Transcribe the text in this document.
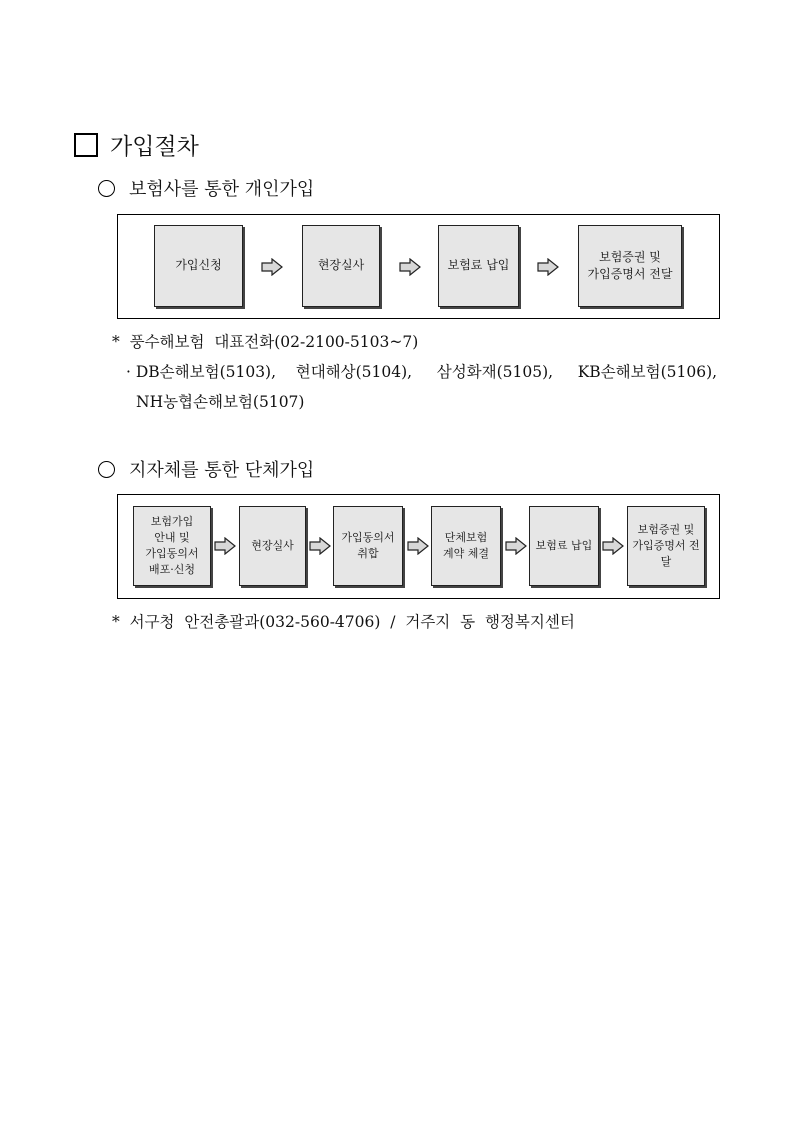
가입절차
보험사를 통한 개인가입
가입신청	현장실사	보험료 납입
보험증권 및
가입증명서 전달
*  풍수해보험  대표전화(02-2100-5103~7)
· DB손해보험(5103),    현대해상(5104),     삼성화재(5105),     KB손해보험(5106),
NH농협손해보험(5107)
지자체를 통한 단체가입
보험가입
안내 및
가입동의서
배포·신청
현장실사
가입동의서
취합
단체보험
계약 체결
보험료 납입
보험증권 및
가입증명서 전달
*  서구청  안전총괄과(032-560-4706)  /  거주지  동  행정복지센터
